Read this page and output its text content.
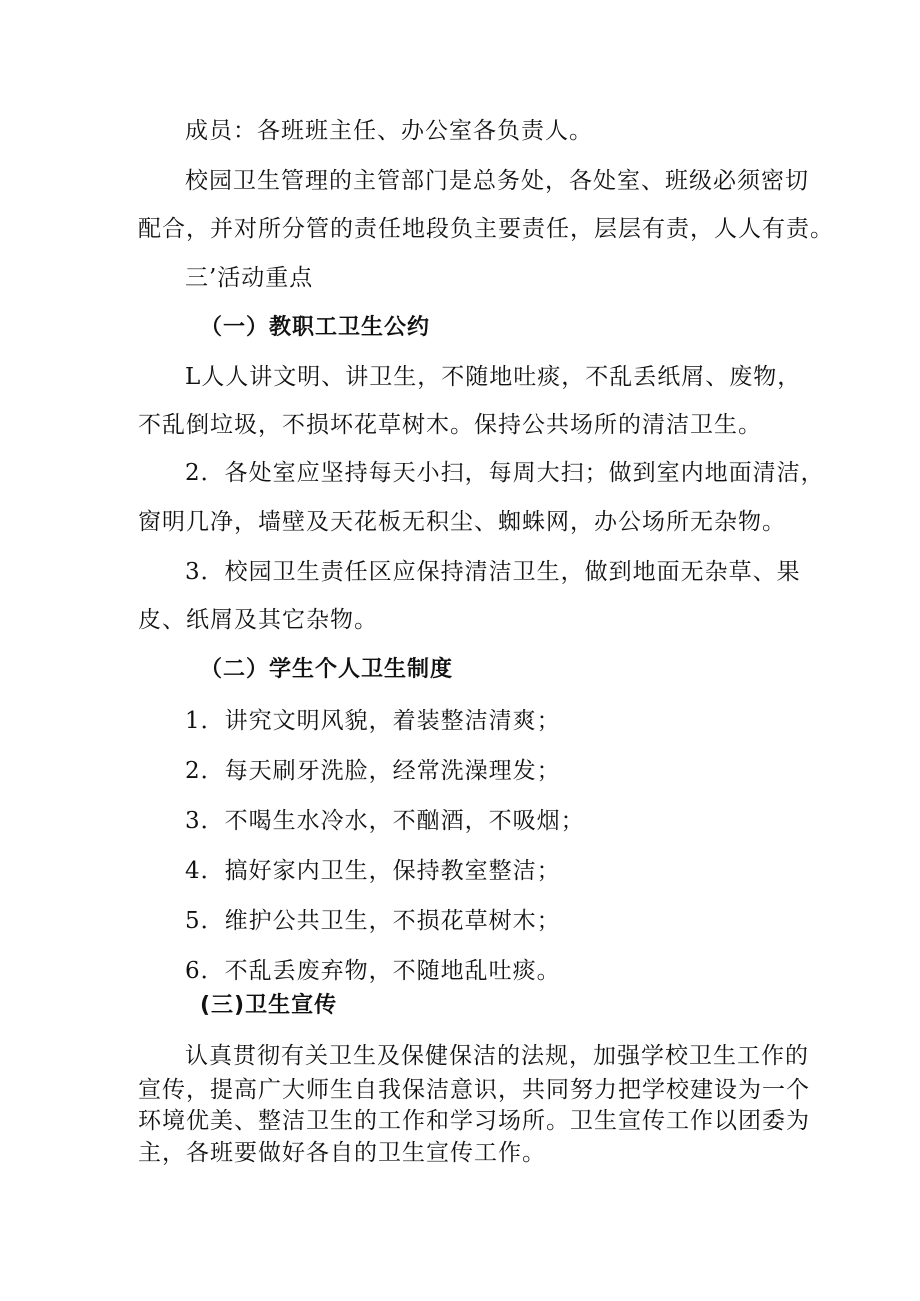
成员：各班班主任、办公室各负责人。
校园卫生管理的主管部门是总务处，各处室、班级必须密切
配合，并对所分管的责任地段负主要责任，层层有责，人人有责。
三’活动重点
（一）教职工卫生公约
L人人讲文明、讲卫生，不随地吐痰，不乱丢纸屑、废物，
不乱倒垃圾，不损坏花草树木。保持公共场所的清洁卫生。
2．各处室应坚持每天小扫，每周大扫；做到室内地面清洁，
窗明几净，墙壁及天花板无积尘、蜘蛛网，办公场所无杂物。
3．校园卫生责任区应保持清洁卫生，做到地面无杂草、果
皮、纸屑及其它杂物。
（二）学生个人卫生制度
1．讲究文明风貌，着装整洁清爽；
2．每天刷牙洗脸，经常洗澡理发；
3．不喝生水冷水，不酗酒，不吸烟；
4．搞好家内卫生，保持教室整洁；
5．维护公共卫生，不损花草树木；
6．不乱丢废弃物，不随地乱吐痰。
(三)卫生宣传
认真贯彻有关卫生及保健保洁的法规，加强学校卫生工作的
宣传，提高广大师生自我保洁意识，共同努力把学校建设为一个
环境优美、整洁卫生的工作和学习场所。卫生宣传工作以团委为
主，各班要做好各自的卫生宣传工作。
